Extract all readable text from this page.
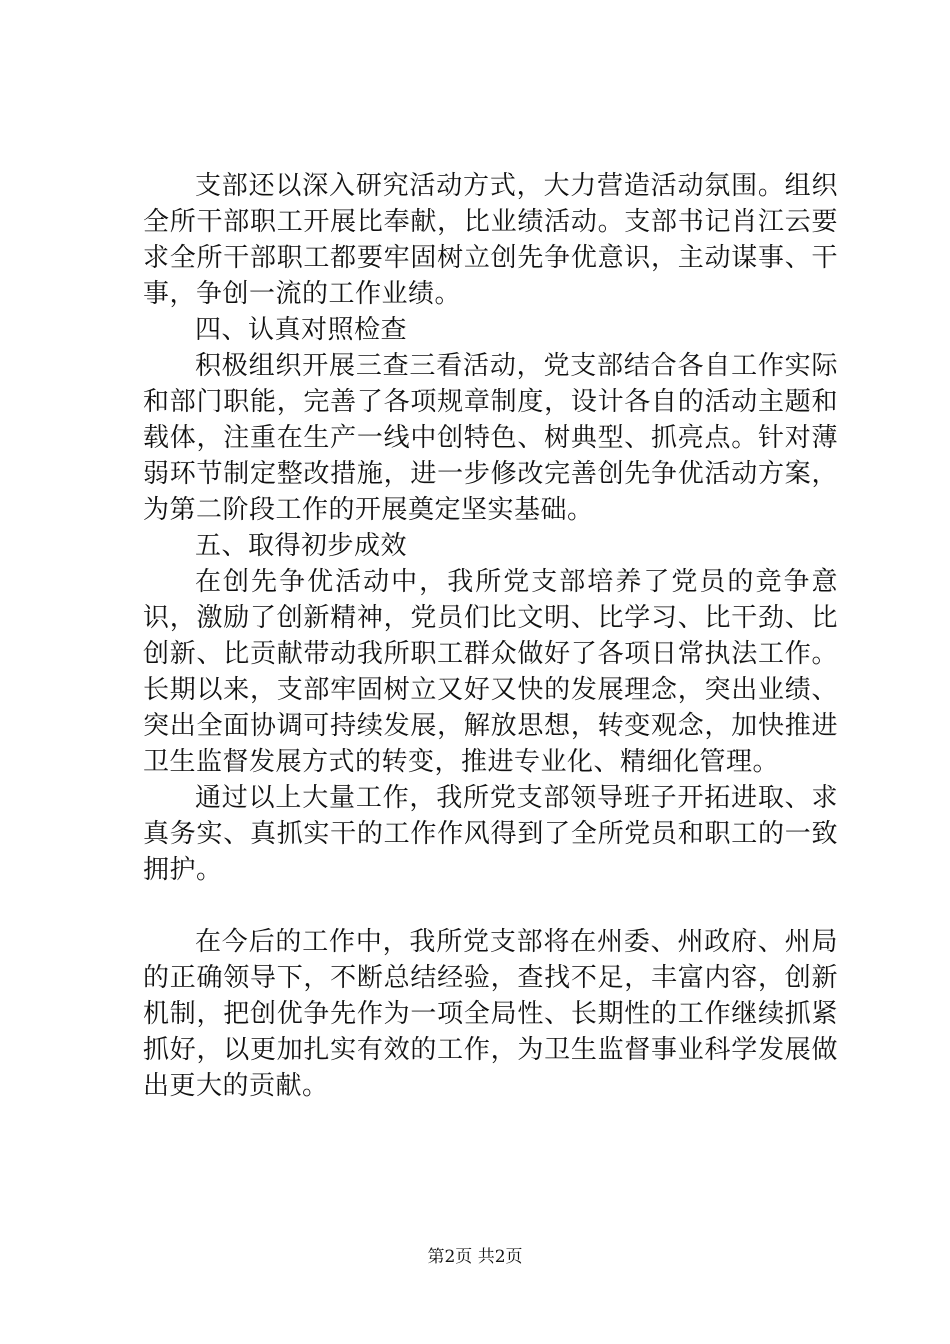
支部还以深入研究活动方式，大力营造活动氛围。组织全所干部职工开展比奉献，比业绩活动。支部书记肖江云要求全所干部职工都要牢固树立创先争优意识，主动谋事、干事，争创一流的工作业绩。

四、认真对照检查

积极组织开展三查三看活动，党支部结合各自工作实际和部门职能，完善了各项规章制度，设计各自的活动主题和载体，注重在生产一线中创特色、树典型、抓亮点。针对薄弱环节制定整改措施，进一步修改完善创先争优活动方案，为第二阶段工作的开展奠定坚实基础。

五、取得初步成效

在创先争优活动中，我所党支部培养了党员的竞争意识，激励了创新精神，党员们比文明、比学习、比干劲、比创新、比贡献带动我所职工群众做好了各项日常执法工作。长期以来，支部牢固树立又好又快的发展理念，突出业绩、突出全面协调可持续发展，解放思想，转变观念，加快推进卫生监督发展方式的转变，推进专业化、精细化管理。

通过以上大量工作，我所党支部领导班子开拓进取、求真务实、真抓实干的工作作风得到了全所党员和职工的一致拥护。

在今后的工作中，我所党支部将在州委、州政府、州局的正确领导下，不断总结经验，查找不足，丰富内容，创新机制，把创优争先作为一项全局性、长期性的工作继续抓紧抓好，以更加扎实有效的工作，为卫生监督事业科学发展做出更大的贡献。

第2页 共2页
